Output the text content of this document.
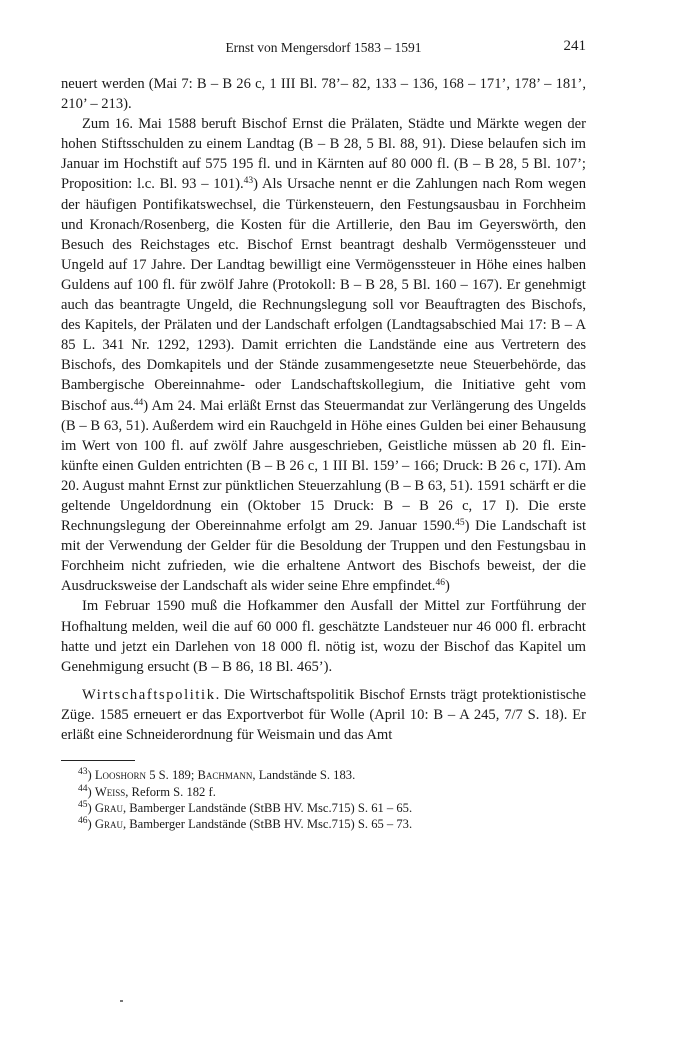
Ernst von Mengersdorf 1583 – 1591	241

neuert werden (Mai 7: B – B 26 c, 1 III Bl. 78’– 82, 133 – 136, 168 – 171’, 178’ – 181’, 210’ – 213).

Zum 16. Mai 1588 beruft Bischof Ernst die Prälaten, Städte und Märkte wegen der hohen Stiftsschulden zu einem Landtag (B – B 28, 5 Bl. 88, 91). Diese belaufen sich im Januar im Hochstift auf 575 195 fl. und in Kärnten auf 80 000 fl. (B – B 28, 5 Bl. 107’; Proposition: l.c. Bl. 93 – 101).$^{43}$) Als Ursache nennt er die Zahlungen nach Rom wegen der häufigen Pontifikatswechsel, die Türkensteuern, den Festungsausbau in Forchheim und Kronach/Rosenberg, die Kosten für die Artillerie, den Bau im Geyerswörth, den Besuch des Reichstages etc. Bischof Ernst beantragt deshalb Vermögenssteuer und Ungeld auf 17 Jahre. Der Landtag bewilligt eine Vermögenssteuer in Höhe eines halben Guldens auf 100 fl. für zwölf Jahre (Protokoll: B – B 28, 5 Bl. 160 – 167). Er genehmigt auch das beantragte Ungeld, die Rechnungslegung soll vor Beauftragten des Bischofs, des Kapitels, der Prälaten und der Landschaft erfolgen (Landtagsabschied Mai 17: B – A 85 L. 341 Nr. 1292, 1293). Damit errichten die Landstände eine aus Vertretern des Bischofs, des Domkapitels und der Stände zusammengesetzte neue Steuerbehörde, das Bambergische Obereinnahme- oder Landschaftskollegium, die Initiative geht vom Bischof aus.$^{44}$) Am 24. Mai erläßt Ernst das Steuermandat zur Verlängerung des Ungelds (B – B 63, 51). Außerdem wird ein Rauchgeld in Höhe eines Gulden bei einer Behausung im Wert von 100 fl. auf zwölf Jahre ausgeschrieben, Geistliche müssen ab 20 fl. Einkünfte einen Gulden entrichten (B – B 26 c, 1 III Bl. 159’ – 166; Druck: B 26 c, 17I). Am 20. August mahnt Ernst zur pünktlichen Steuerzahlung (B – B 63, 51). 1591 schärft er die geltende Ungeldordnung ein (Oktober 15 Druck: B – B 26 c, 17 I). Die erste Rechnungslegung der Obereinnahme erfolgt am 29. Januar 1590.45) Die Landschaft ist mit der Verwendung der Gelder für die Besoldung der Truppen und den Festungsbau in Forchheim nicht zufrieden, wie die erhaltene Antwort des Bischofs beweist, der die Ausdrucksweise der Landschaft als wider seine Ehre empfindet.$^{46}$)

Im Februar 1590 muß die Hofkammer den Ausfall der Mittel zur Fortführung der Hofhaltung melden, weil die auf 60 000 fl. geschätzte Landsteuer nur 46 000 fl. erbracht hatte und jetzt ein Darlehen von 18 000 fl. nötig ist, wozu der Bischof das Kapitel um Genehmigung ersucht (B – B 86, 18 Bl. 465’).

Wirtschaftspolitik. Die Wirtschaftspolitik Bischof Ernsts trägt protektionistische Züge. 1585 erneuert er das Exportverbot für Wolle (April 10: B – A 245, 7/7 S. 18). Er erläßt eine Schneiderordnung für Weismain und das Amt

$^{43}$) Looshorn 5 S. 189; Bachmann, Landstände S. 183.
$^{44}$) Weiss, Reform S. 182 f.
$^{45}$) Grau, Bamberger Landstände (StBB HV. Msc.715) S. 61 – 65.
$^{46}$) Grau, Bamberger Landstände (StBB HV. Msc.715) S. 65 – 73.
